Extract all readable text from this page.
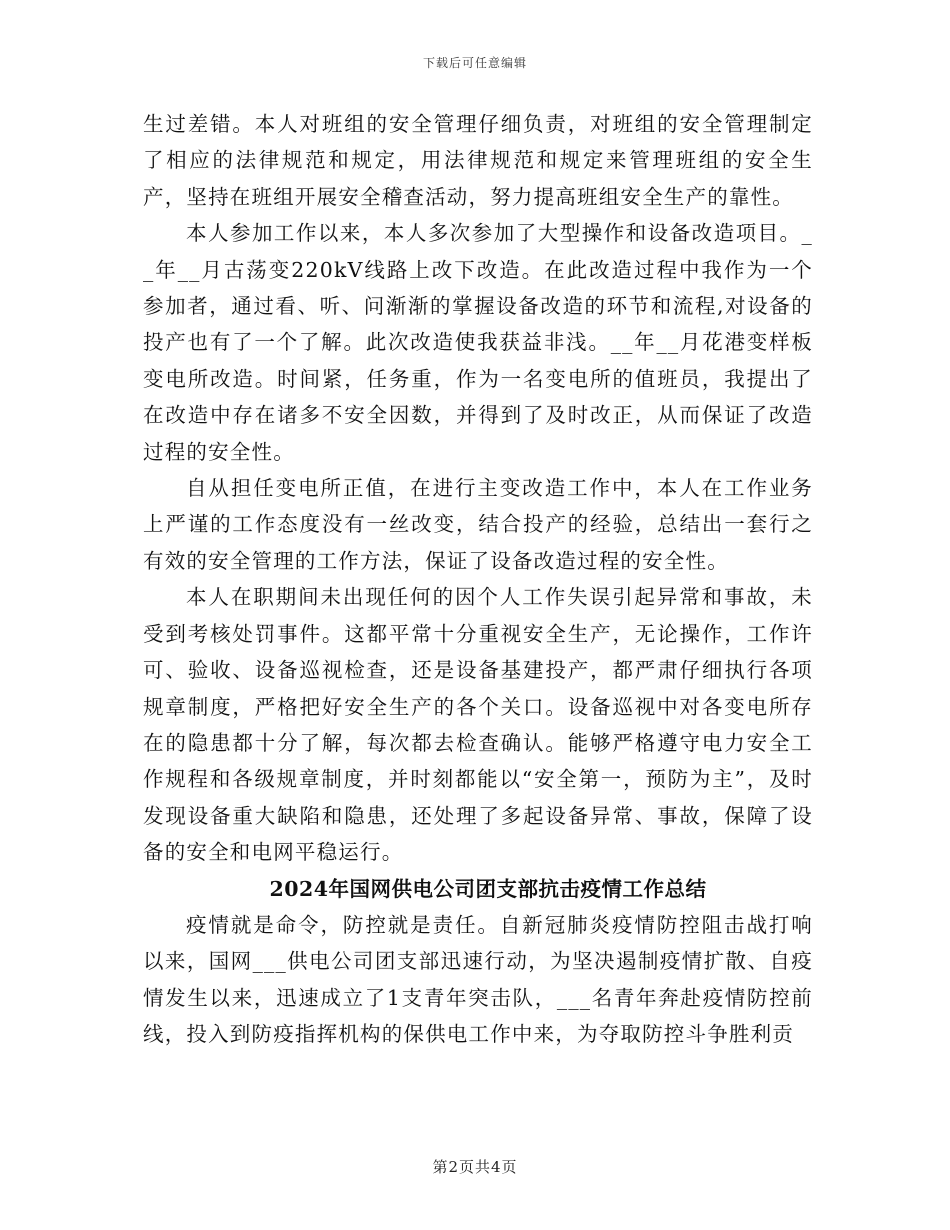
下载后可任意编辑

生过差错。本人对班组的安全管理仔细负责，对班组的安全管理制定了相应的法律规范和规定，用法律规范和规定来管理班组的安全生产，坚持在班组开展安全稽查活动，努力提高班组安全生产的靠性。

本人参加工作以来，本人多次参加了大型操作和设备改造项目。__年__月古荡变220kV线路上改下改造。在此改造过程中我作为一个参加者，通过看、听、问渐渐的掌握设备改造的环节和流程,对设备的投产也有了一个了解。此次改造使我获益非浅。__年__月花港变样板变电所改造。时间紧，任务重，作为一名变电所的值班员，我提出了在改造中存在诸多不安全因数，并得到了及时改正，从而保证了改造过程的安全性。

自从担任变电所正值，在进行主变改造工作中，本人在工作业务上严谨的工作态度没有一丝改变，结合投产的经验，总结出一套行之有效的安全管理的工作方法，保证了设备改造过程的安全性。

本人在职期间未出现任何的因个人工作失误引起异常和事故，未受到考核处罚事件。这都平常十分重视安全生产，无论操作，工作许可、验收、设备巡视检查，还是设备基建投产，都严肃仔细执行各项规章制度，严格把好安全生产的各个关口。设备巡视中对各变电所存在的隐患都十分了解，每次都去检查确认。能够严格遵守电力安全工作规程和各级规章制度，并时刻都能以“安全第一，预防为主”，及时发现设备重大缺陷和隐患，还处理了多起设备异常、事故，保障了设备的安全和电网平稳运行。

2024年国网供电公司团支部抗击疫情工作总结

疫情就是命令，防控就是责任。自新冠肺炎疫情防控阻击战打响以来，国网___供电公司团支部迅速行动，为坚决遏制疫情扩散、自疫情发生以来，迅速成立了1支青年突击队，___名青年奔赴疫情防控前线，投入到防疫指挥机构的保供电工作中来，为夺取防控斗争胜利贡

第2页共4页
